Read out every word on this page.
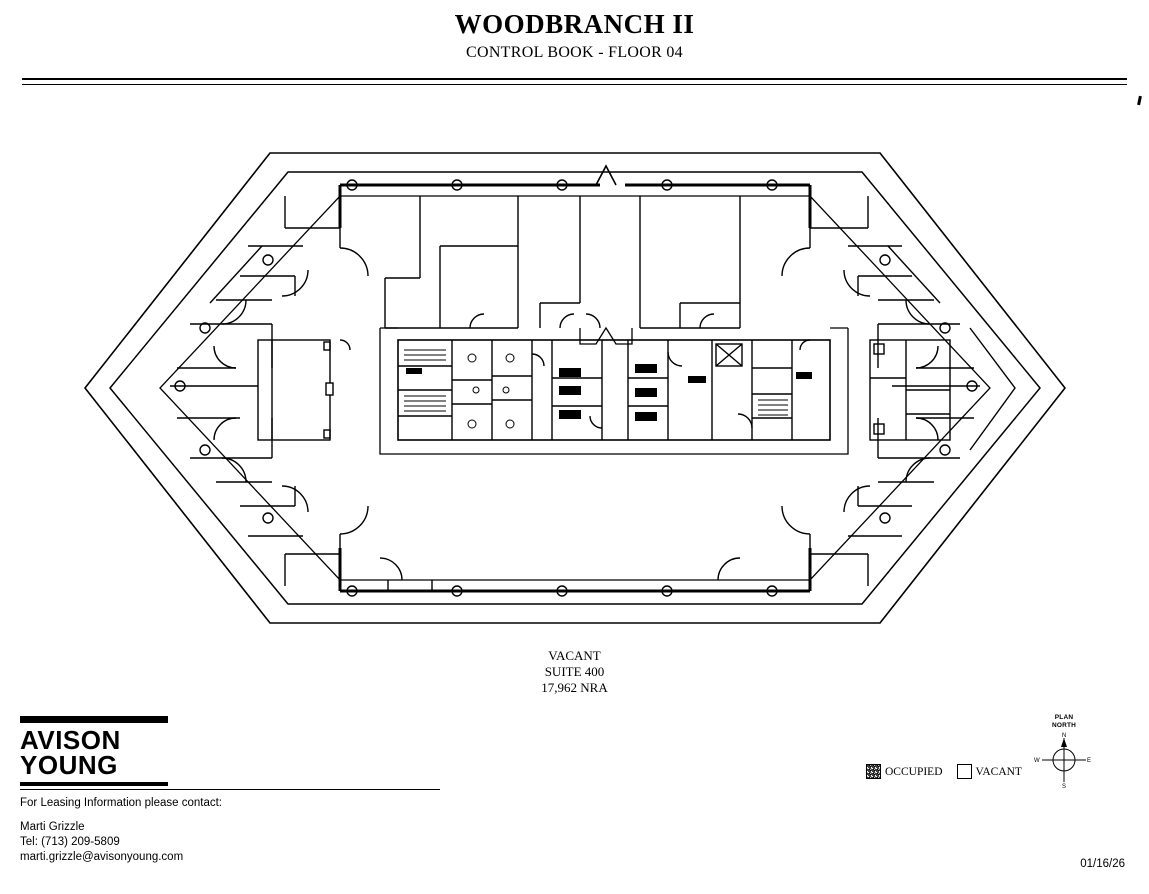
WOODBRANCH II
CONTROL BOOK - FLOOR 04
VACANT
SUITE 400
17,962 NRA
AVISON
YOUNG
For Leasing Information please contact:
Marti Grizzle
Tel: (713) 209-5809
marti.grizzle@avisonyoung.com
OCCUPIED	VACANT
PLAN
NORTH
N
E
S
W
01/16/26
